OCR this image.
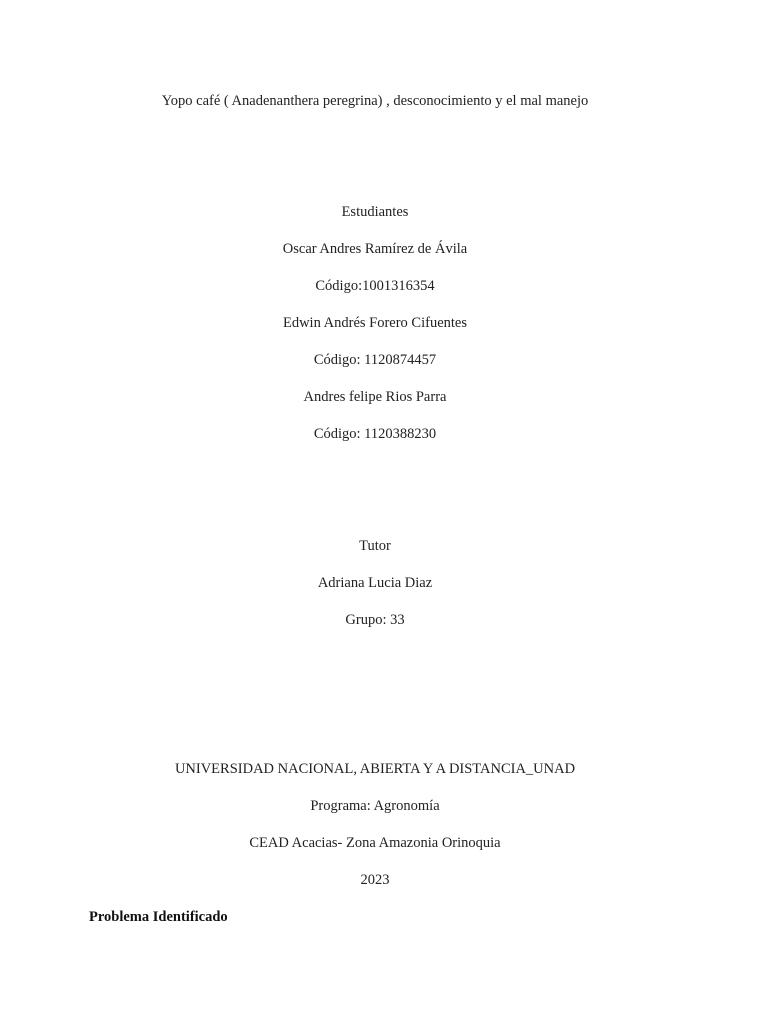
Yopo café ( Anadenanthera peregrina) , desconocimiento y el mal manejo
Estudiantes
Oscar Andres Ramírez de Ávila
Código:1001316354
Edwin Andrés Forero Cifuentes
Código: 1120874457
Andres felipe Rios Parra
Código: 1120388230
Tutor
Adriana Lucia Diaz
Grupo: 33
UNIVERSIDAD NACIONAL, ABIERTA Y A DISTANCIA_UNAD
Programa: Agronomía
CEAD Acacias- Zona Amazonia Orinoquia
2023
Problema Identificado
